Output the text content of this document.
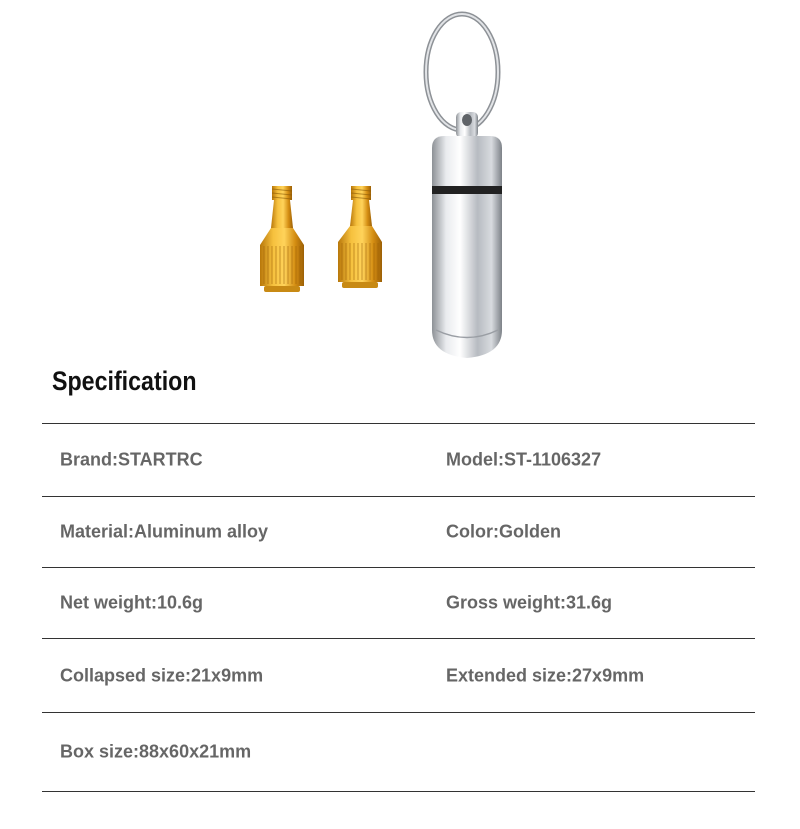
Specification
Brand:STARTRC	Model:ST-1106327
Material:Aluminum alloy	Color:Golden
Net weight:10.6g	Gross weight:31.6g
Collapsed size:21x9mm	Extended size:27x9mm
Box size:88x60x21mm
